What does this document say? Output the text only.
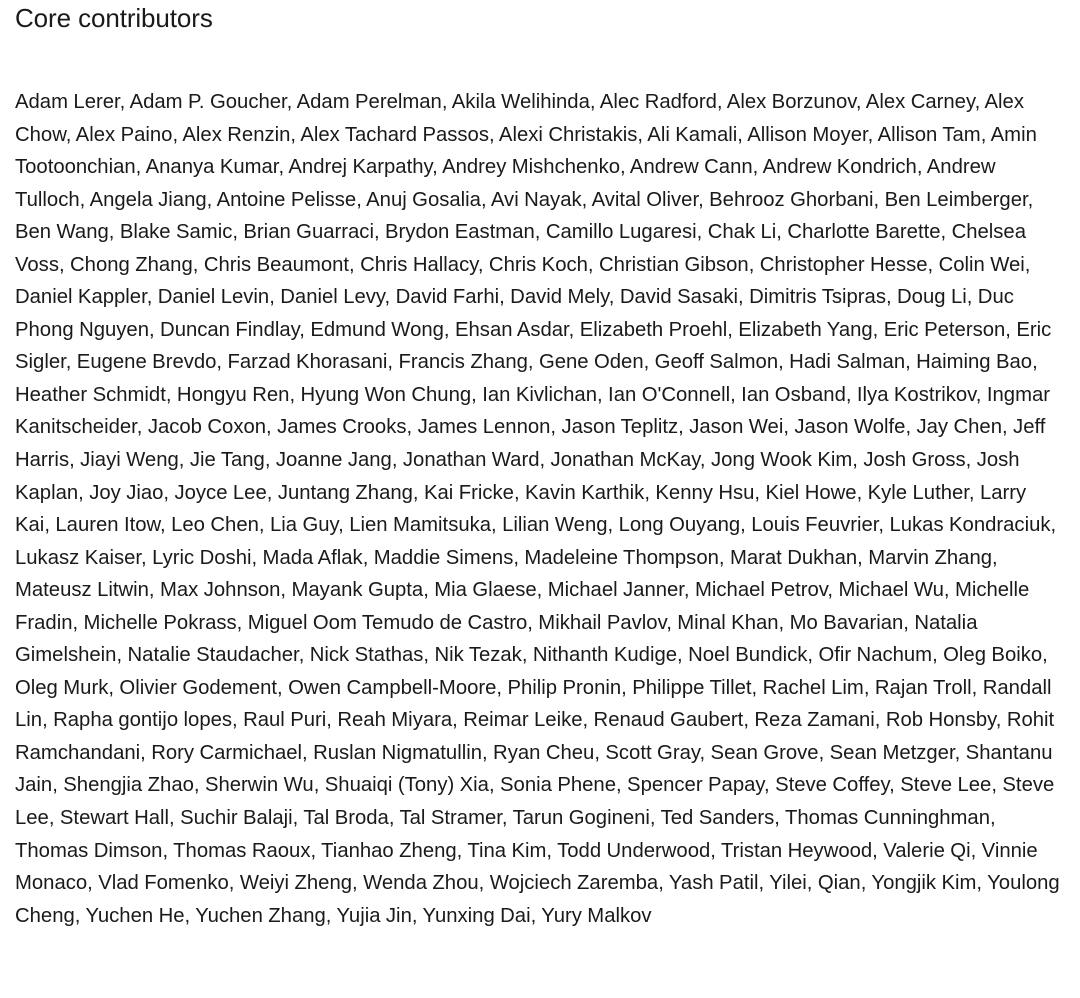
Core contributors

Adam Lerer, Adam P. Goucher, Adam Perelman, Akila Welihinda, Alec Radford, Alex Borzunov, Alex Carney, Alex Chow, Alex Paino, Alex Renzin, Alex Tachard Passos, Alexi Christakis, Ali Kamali, Allison Moyer, Allison Tam, Amin Tootoonchian, Ananya Kumar, Andrej Karpathy, Andrey Mishchenko, Andrew Cann, Andrew Kondrich, Andrew Tulloch, Angela Jiang, Antoine Pelisse, Anuj Gosalia, Avi Nayak, Avital Oliver, Behrooz Ghorbani, Ben Leimberger, Ben Wang, Blake Samic, Brian Guarraci, Brydon Eastman, Camillo Lugaresi, Chak Li, Charlotte Barette, Chelsea Voss, Chong Zhang, Chris Beaumont, Chris Hallacy, Chris Koch, Christian Gibson, Christopher Hesse, Colin Wei, Daniel Kappler, Daniel Levin, Daniel Levy, David Farhi, David Mely, David Sasaki, Dimitris Tsipras, Doug Li, Duc Phong Nguyen, Duncan Findlay, Edmund Wong, Ehsan Asdar, Elizabeth Proehl, Elizabeth Yang, Eric Peterson, Eric Sigler, Eugene Brevdo, Farzad Khorasani, Francis Zhang, Gene Oden, Geoff Salmon, Hadi Salman, Haiming Bao, Heather Schmidt, Hongyu Ren, Hyung Won Chung, Ian Kivlichan, Ian O'Connell, Ian Osband, Ilya Kostrikov, Ingmar Kanitscheider, Jacob Coxon, James Crooks, James Lennon, Jason Teplitz, Jason Wei, Jason Wolfe, Jay Chen, Jeff Harris, Jiayi Weng, Jie Tang, Joanne Jang, Jonathan Ward, Jonathan McKay, Jong Wook Kim, Josh Gross, Josh Kaplan, Joy Jiao, Joyce Lee, Juntang Zhang, Kai Fricke, Kavin Karthik, Kenny Hsu, Kiel Howe, Kyle Luther, Larry Kai, Lauren Itow, Leo Chen, Lia Guy, Lien Mamitsuka, Lilian Weng, Long Ouyang, Louis Feuvrier, Lukas Kondraciuk, Lukasz Kaiser, Lyric Doshi, Mada Aflak, Maddie Simens, Madeleine Thompson, Marat Dukhan, Marvin Zhang, Mateusz Litwin, Max Johnson, Mayank Gupta, Mia Glaese, Michael Janner, Michael Petrov, Michael Wu, Michelle Fradin, Michelle Pokrass, Miguel Oom Temudo de Castro, Mikhail Pavlov, Minal Khan, Mo Bavarian, Natalia Gimelshein, Natalie Staudacher, Nick Stathas, Nik Tezak, Nithanth Kudige, Noel Bundick, Ofir Nachum, Oleg Boiko, Oleg Murk, Olivier Godement, Owen Campbell-Moore, Philip Pronin, Philippe Tillet, Rachel Lim, Rajan Troll, Randall Lin, Rapha gontijo lopes, Raul Puri, Reah Miyara, Reimar Leike, Renaud Gaubert, Reza Zamani, Rob Honsby, Rohit Ramchandani, Rory Carmichael, Ruslan Nigmatullin, Ryan Cheu, Scott Gray, Sean Grove, Sean Metzger, Shantanu Jain, Shengjia Zhao, Sherwin Wu, Shuaiqi (Tony) Xia, Sonia Phene, Spencer Papay, Steve Coffey, Steve Lee, Steve Lee, Stewart Hall, Suchir Balaji, Tal Broda, Tal Stramer, Tarun Gogineni, Ted Sanders, Thomas Cunninghman, Thomas Dimson, Thomas Raoux, Tianhao Zheng, Tina Kim, Todd Underwood, Tristan Heywood, Valerie Qi, Vinnie Monaco, Vlad Fomenko, Weiyi Zheng, Wenda Zhou, Wojciech Zaremba, Yash Patil, Yilei, Qian, Yongjik Kim, Youlong Cheng, Yuchen He, Yuchen Zhang, Yujia Jin, Yunxing Dai, Yury Malkov
